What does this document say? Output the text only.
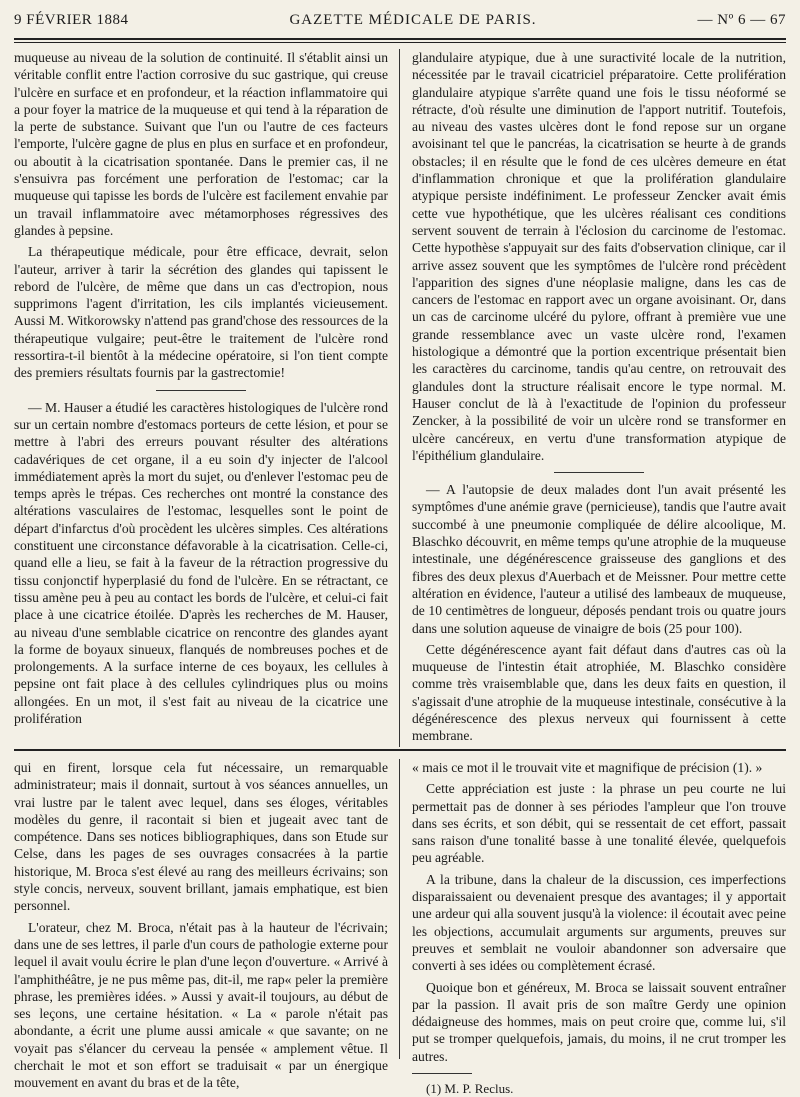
9 FÉVRIER 1884	GAZETTE MÉDICALE DE PARIS.	— Nº 6 — 67

muqueuse au niveau de la solution de continuité. Il s'établit ainsi un véritable conflit entre l'action corrosive du suc gastrique, qui creuse l'ulcère en surface et en profondeur, et la réaction inflammatoire qui a pour foyer la matrice de la muqueuse et qui tend à la réparation de la perte de substance. Suivant que l'un ou l'autre de ces facteurs l'emporte, l'ulcère gagne de plus en plus en surface et en profondeur, ou aboutit à la cicatrisation spontanée. Dans le premier cas, il ne s'ensuivra pas forcément une perforation de l'estomac; car la muqueuse qui tapisse les bords de l'ulcère est facilement envahie par un travail inflammatoire avec métamorphoses régressives des glandes à pepsine.

La thérapeutique médicale, pour être efficace, devrait, selon l'auteur, arriver à tarir la sécrétion des glandes qui tapissent le rebord de l'ulcère, de même que dans un cas d'ectropion, nous supprimons l'agent d'irritation, les cils implantés vicieusement. Aussi M. Witkorowsky n'attend pas grand'chose des ressources de la thérapeutique vulgaire; peut-être le traitement de l'ulcère rond ressortira-t-il bientôt à la médecine opératoire, si l'on tient compte des premiers résultats fournis par la gastrectomie!

— M. Hauser a étudié les caractères histologiques de l'ulcère rond sur un certain nombre d'estomacs porteurs de cette lésion, et pour se mettre à l'abri des erreurs pouvant résulter des altérations cadavériques de cet organe, il a eu soin d'y injecter de l'alcool immédiatement après la mort du sujet, ou d'enlever l'estomac peu de temps après le trépas. Ces recherches ont montré la constance des altérations vasculaires de l'estomac, lesquelles sont le point de départ d'infarctus d'où procèdent les ulcères simples. Ces altérations constituent une circonstance défavorable à la cicatrisation. Celle-ci, quand elle a lieu, se fait à la faveur de la rétraction progressive du tissu conjonctif hyperplasié du fond de l'ulcère. En se rétractant, ce tissu amène peu à peu au contact les bords de l'ulcère, et celui-ci fait place à une cicatrice étoilée. D'après les recherches de M. Hauser, au niveau d'une semblable cicatrice on rencontre des glandes ayant la forme de boyaux sinueux, flanqués de nombreuses poches et de prolongements. A la surface interne de ces boyaux, les cellules à pepsine ont fait place à des cellules cylindriques plus ou moins allongées. En un mot, il s'est fait au niveau de la cicatrice une prolifération

glandulaire atypique, due à une suractivité locale de la nutrition, nécessitée par le travail cicatriciel préparatoire. Cette prolifération glandulaire atypique s'arrête quand une fois le tissu néoformé se rétracte, d'où résulte une diminution de l'apport nutritif. Toutefois, au niveau des vastes ulcères dont le fond repose sur un organe avoisinant tel que le pancréas, la cicatrisation se heurte à de grands obstacles; il en résulte que le fond de ces ulcères demeure en état d'inflammation chronique et que la prolifération glandulaire atypique persiste indéfiniment. Le professeur Zencker avait émis cette vue hypothétique, que les ulcères réalisant ces conditions servent souvent de terrain à l'éclosion du carcinome de l'estomac. Cette hypothèse s'appuyait sur des faits d'observation clinique, car il arrive assez souvent que les symptômes de l'ulcère rond précèdent l'apparition des signes d'une néoplasie maligne, dans les cas de cancers de l'estomac en rapport avec un organe avoisinant. Or, dans un cas de carcinome ulcéré du pylore, offrant à première vue une grande ressemblance avec un vaste ulcère rond, l'examen histologique a démontré que la portion excentrique présentait bien les caractères du carcinome, tandis qu'au centre, on retrouvait des glandules dont la structure réalisait encore le type normal. M. Hauser conclut de là à l'exactitude de l'opinion du professeur Zencker, à la possibilité de voir un ulcère rond se transformer en ulcère cancéreux, en vertu d'une transformation atypique de l'épithélium glandulaire.

— A l'autopsie de deux malades dont l'un avait présenté les symptômes d'une anémie grave (pernicieuse), tandis que l'autre avait succombé à une pneumonie compliquée de délire alcoolique, M. Blaschko découvrit, en même temps qu'une atrophie de la muqueuse intestinale, une dégénérescence graisseuse des ganglions et des fibres des deux plexus d'Auerbach et de Meissner. Pour mettre cette altération en évidence, l'auteur a utilisé des lambeaux de muqueuse, de 10 centimètres de longueur, déposés pendant trois ou quatre jours dans une solution aqueuse de vinaigre de bois (25 pour 100).

Cette dégénérescence ayant fait défaut dans d'autres cas où la muqueuse de l'intestin était atrophiée, M. Blaschko considère comme très vraisemblable que, dans les deux faits en question, il s'agissait d'une atrophie de la muqueuse intestinale, consécutive à la dégénérescence des plexus nerveux qui fournissent à cette membrane.

qui en firent, lorsque cela fut nécessaire, un remarquable administrateur; mais il donnait, surtout à vos séances annuelles, un vrai lustre par le talent avec lequel, dans ses éloges, véritables modèles du genre, il racontait si bien et jugeait avec tant de compétence. Dans ses notices bibliographiques, dans son Etude sur Celse, dans les pages de ses ouvrages consacrées à la partie historique, M. Broca s'est élevé au rang des meilleurs écrivains; son style concis, nerveux, souvent brillant, jamais emphatique, est bien personnel.

L'orateur, chez M. Broca, n'était pas à la hauteur de l'écrivain; dans une de ses lettres, il parle d'un cours de pathologie externe pour lequel il avait voulu écrire le plan d'une leçon d'ouverture. « Arrivé à l'amphithéâtre, je ne pus même pas, dit-il, me rap« peler la première phrase, les premières idées. » Aussi y avait-il toujours, au début de ses leçons, une certaine hésitation. « La « parole n'était pas abondante, a écrit une plume aussi amicale « que savante; on ne voyait pas s'élancer du cerveau la pensée « amplement vêtue. Il cherchait le mot et son effort se traduisait « par un énergique mouvement en avant du bras et de la tête,

« mais ce mot il le trouvait vite et magnifique de précision (1). »

Cette appréciation est juste : la phrase un peu courte ne lui permettait pas de donner à ses périodes l'ampleur que l'on trouve dans ses écrits, et son débit, qui se ressentait de cet effort, passait sans raison d'une tonalité basse à une tonalité élevée, quelquefois peu agréable.

A la tribune, dans la chaleur de la discussion, ces imperfections disparaissaient ou devenaient presque des avantages; il y apportait une ardeur qui alla souvent jusqu'à la violence: il écoutait avec peine les objections, accumulait arguments sur arguments, preuves sur preuves et semblait ne vouloir abandonner son adversaire que converti à ses idées ou complètement écrasé.

Quoique bon et généreux, M. Broca se laissait souvent entraîner par la passion. Il avait pris de son maître Gerdy une opinion dédaigneuse des hommes, mais on peut croire que, comme lui, s'il put se tromper quelquefois, jamais, du moins, il ne crut tromper les autres.

(1) M. P. Reclus.
